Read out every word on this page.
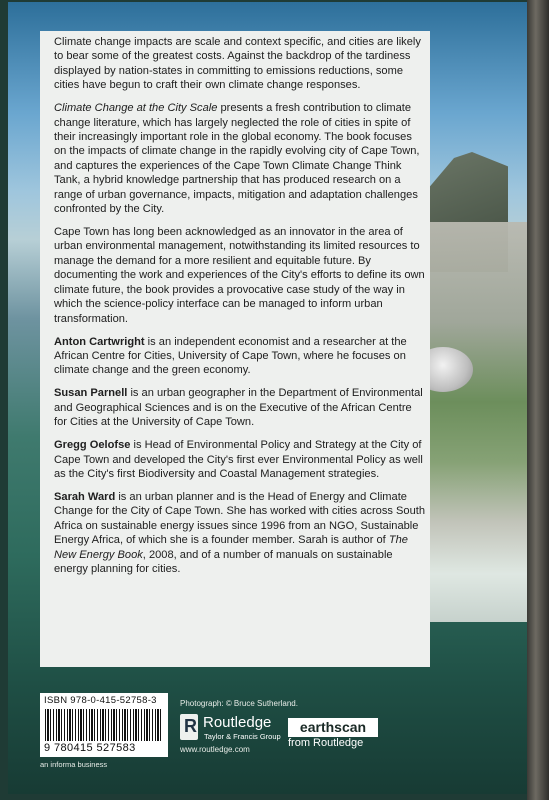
Climate change impacts are scale and context specific, and cities are likely to bear some of the greatest costs. Against the backdrop of the tardiness displayed by nation-states in committing to emissions reductions, some cities have begun to craft their own climate change responses.

Climate Change at the City Scale presents a fresh contribution to climate change literature, which has largely neglected the role of cities in spite of their increasingly important role in the global economy. The book focuses on the impacts of climate change in the rapidly evolving city of Cape Town, and captures the experiences of the Cape Town Climate Change Think Tank, a hybrid knowledge partnership that has produced research on a range of urban governance, impacts, mitigation and adaptation challenges confronted by the City.

Cape Town has long been acknowledged as an innovator in the area of urban environmental management, notwithstanding its limited resources to manage the demand for a more resilient and equitable future. By documenting the work and experiences of the City's efforts to define its own climate future, the book provides a provocative case study of the way in which the science-policy interface can be managed to inform urban transformation.

Anton Cartwright is an independent economist and a researcher at the African Centre for Cities, University of Cape Town, where he focuses on climate change and the green economy.

Susan Parnell is an urban geographer in the Department of Environmental and Geographical Sciences and is on the Executive of the African Centre for Cities at the University of Cape Town.

Gregg Oelofse is Head of Environmental Policy and Strategy at the City of Cape Town and developed the City's first ever Environmental Policy as well as the City's first Biodiversity and Coastal Management strategies.

Sarah Ward is an urban planner and is the Head of Energy and Climate Change for the City of Cape Town. She has worked with cities across South Africa on sustainable energy issues since 1996 from an NGO, Sustainable Energy Africa, of which she is a founder member. Sarah is author of The New Energy Book, 2008, and of a number of manuals on sustainable energy planning for cities.

ISBN 978-0-415-52758-3
9 780415 527583
Photograph: © Bruce Sutherland.
R Routledge
Taylor & Francis Group
www.routledge.com
earthscan
from Routledge
an informa business
